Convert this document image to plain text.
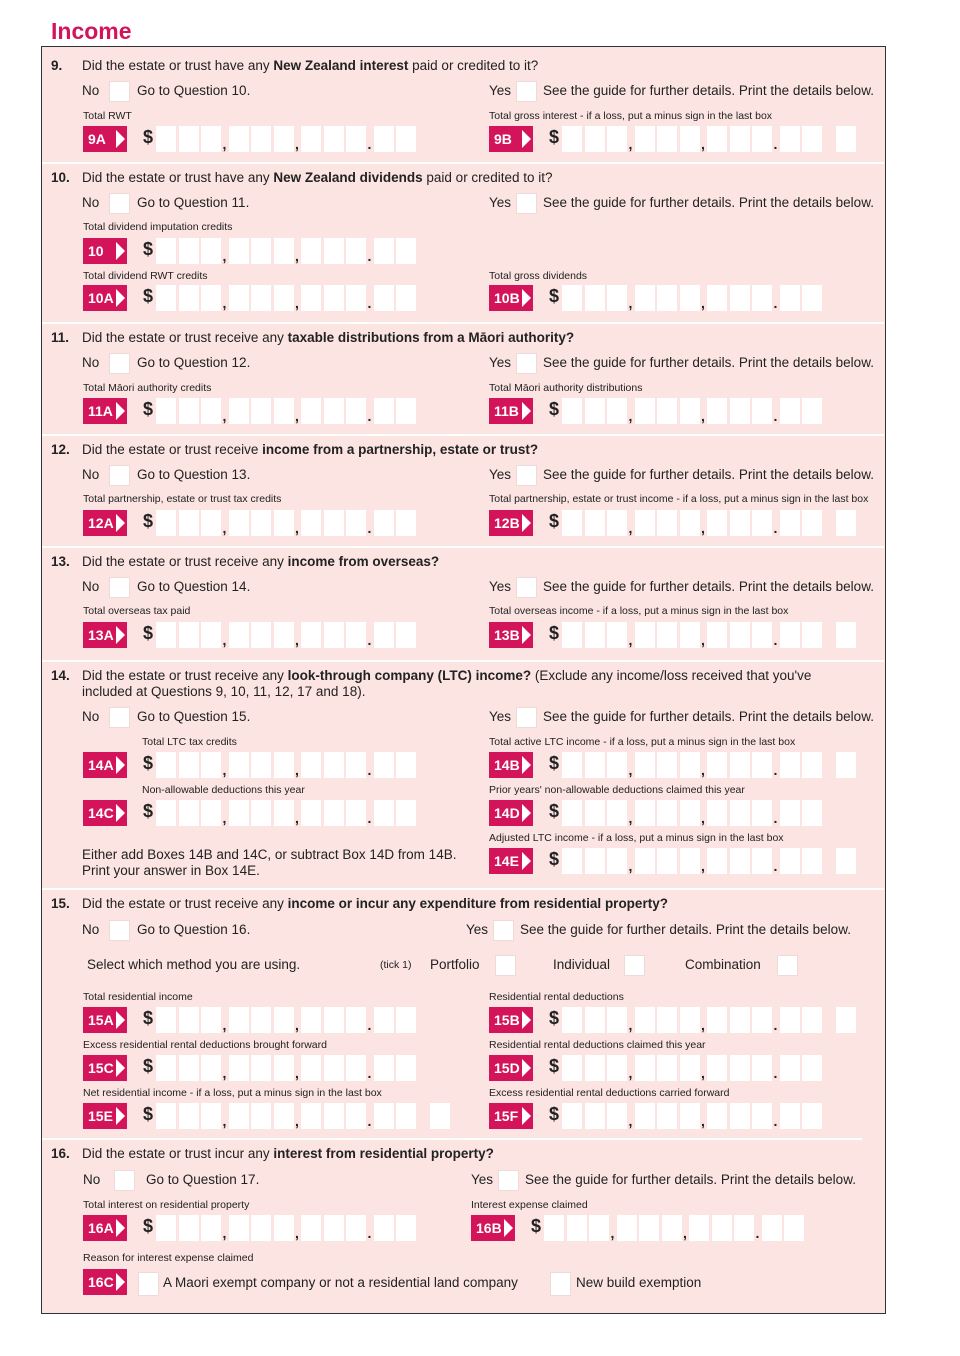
Income
9. Did the estate or trust have any New Zealand interest paid or credited to it?
No	Go to Question 10.	Yes See the guide for further details. Print the details below.
10. Did the estate or trust have any New Zealand dividends paid or credited to it?
No	Go to Question 11.	Yes See the guide for further details. Print the details below.
11. Did the estate or trust receive any taxable distributions from a Māori authority?
No	Go to Question 12.	Yes See the guide for further details. Print the details below.
12. Did the estate or trust receive income from a partnership, estate or trust?
No	Go to Question 13.	Yes See the guide for further details. Print the details below.
13. Did the estate or trust receive any income from overseas?
No	Go to Question 14.	Yes See the guide for further details. Print the details below.
14. Did the estate or trust receive any look-through company (LTC) income? (Exclude any income/loss received that you've
included at Questions 9, 10, 11, 12, 17 and 18).
No	Go to Question 15.	Yes See the guide for further details. Print the details below.
15. Did the estate or trust receive any income or incur any expenditure from residential property?
No	Go to Question 16.	Yes See the guide for further details. Print the details below.
16. Did the estate or trust incur any interest from residential property?
No	Go to Question 17.	Yes See the guide for further details. Print the details below.
Total RWT
9A	$	,	,	.
Total gross interest - if a loss, put a minus sign in the last box
9B	$	,	,	.
Total dividend imputation credits
10	$	,	,	.
Total dividend RWT credits
10A	$	,	,	.
Total gross dividends
10B	$	,	,	.
Total Māori authority credits
11A	$	,	,	.
Total Māori authority distributions
11B	$	,	,	.
Total partnership, estate or trust tax credits
12A	$	,	,	.
Total partnership, estate or trust income - if a loss, put a minus sign in the last box
12B	$	,	,	.
Total overseas tax paid
13A	$	,	,	.
Total overseas income - if a loss, put a minus sign in the last box
13B	$	,	,	.
Total LTC tax credits
14A	$	,	,	.
Total active LTC income - if a loss, put a minus sign in the last box
14B	$	,	,	.
Non-allowable deductions this year
14C	$	,	,	.
Prior years' non-allowable deductions claimed this year
14D	$	,	,	.
Adjusted LTC income - if a loss, put a minus sign in the last box
14E	$	,	,	.
Total residential income
15A	$	,	,	.
Residential rental deductions
15B	$	,	,	.
Excess residential rental deductions brought forward
15C	$	,	,	.
Residential rental deductions claimed this year
15D	$	,	,	.
Net residential income - if a loss, put a minus sign in the last box
15E	$	,	,	.
Excess residential rental deductions carried forward
15F	$	,	,	.
Total interest on residential property
16A	$	,	,	.
Interest expense claimed
16B	$	,	,	.
Either add Boxes 14B and 14C, or subtract Box 14D from 14B.
Print your answer in Box 14E.
Select which method you are using.	(tick 1) Portfolio	Individual	Combination
16C
Reason for interest expense claimed
A Maori exempt company or not a residential land company	New build exemption
